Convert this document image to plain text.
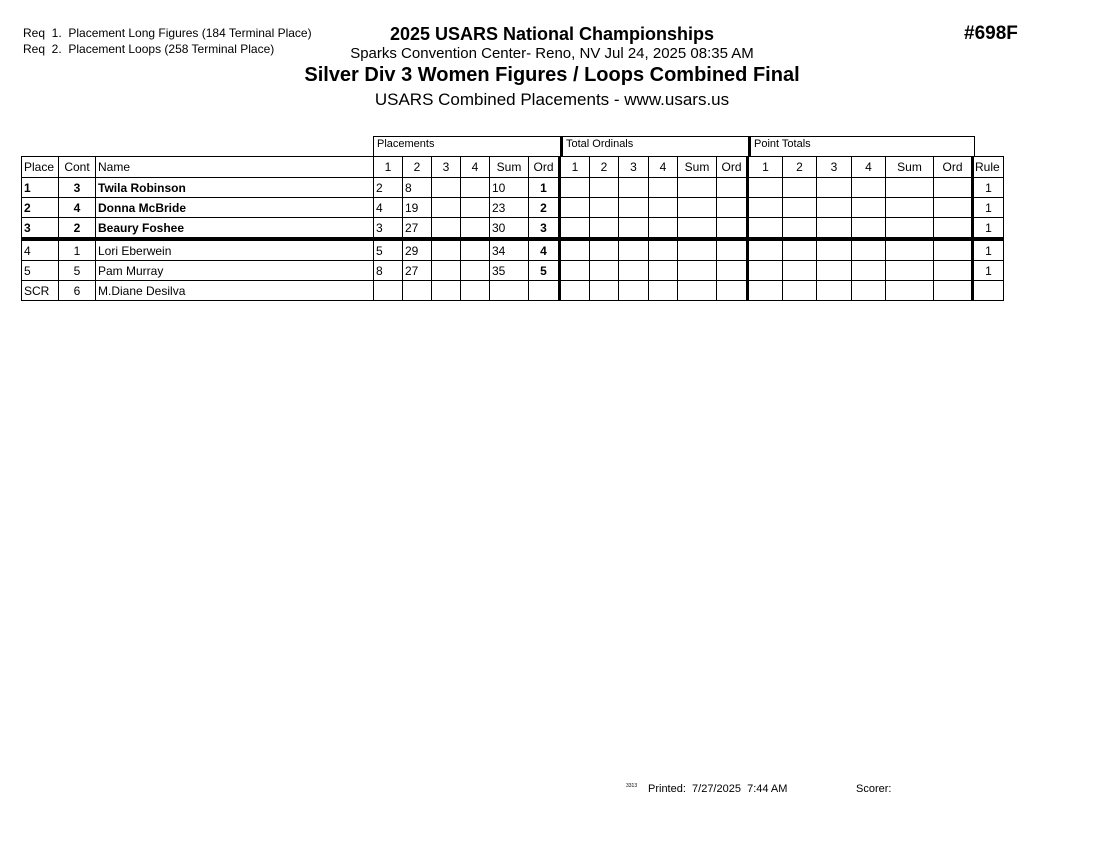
Req  1.  Placement Long Figures (184 Terminal Place)
Req  2.  Placement Loops (258 Terminal Place)
2025 USARS National Championships
Sparks Convention Center- Reno, NV Jul 24, 2025 08:35 AM
Silver Div 3 Women Figures / Loops Combined Final
USARS Combined Placements - www.usars.us
#698F
Placements	Total Ordinals	Point Totals
Place	Cont	Name	1	2	3	4	Sum	Ord	1	2	3	4	Sum	Ord	1	2	3	4	Sum	Ord	Rule
1	3	Twila Robinson	2	8			10	1													1
2	4	Donna McBride	4	19			23	2													1
3	2	Beaury Foshee	3	27			30	3													1
4	1	Lori Eberwein	5	29			34	4													1
5	5	Pam Murray	8	27			35	5													1
SCR	6	M.Diane Desilva																			
3313 Printed:  7/27/2025  7:44 AM	Scorer:
